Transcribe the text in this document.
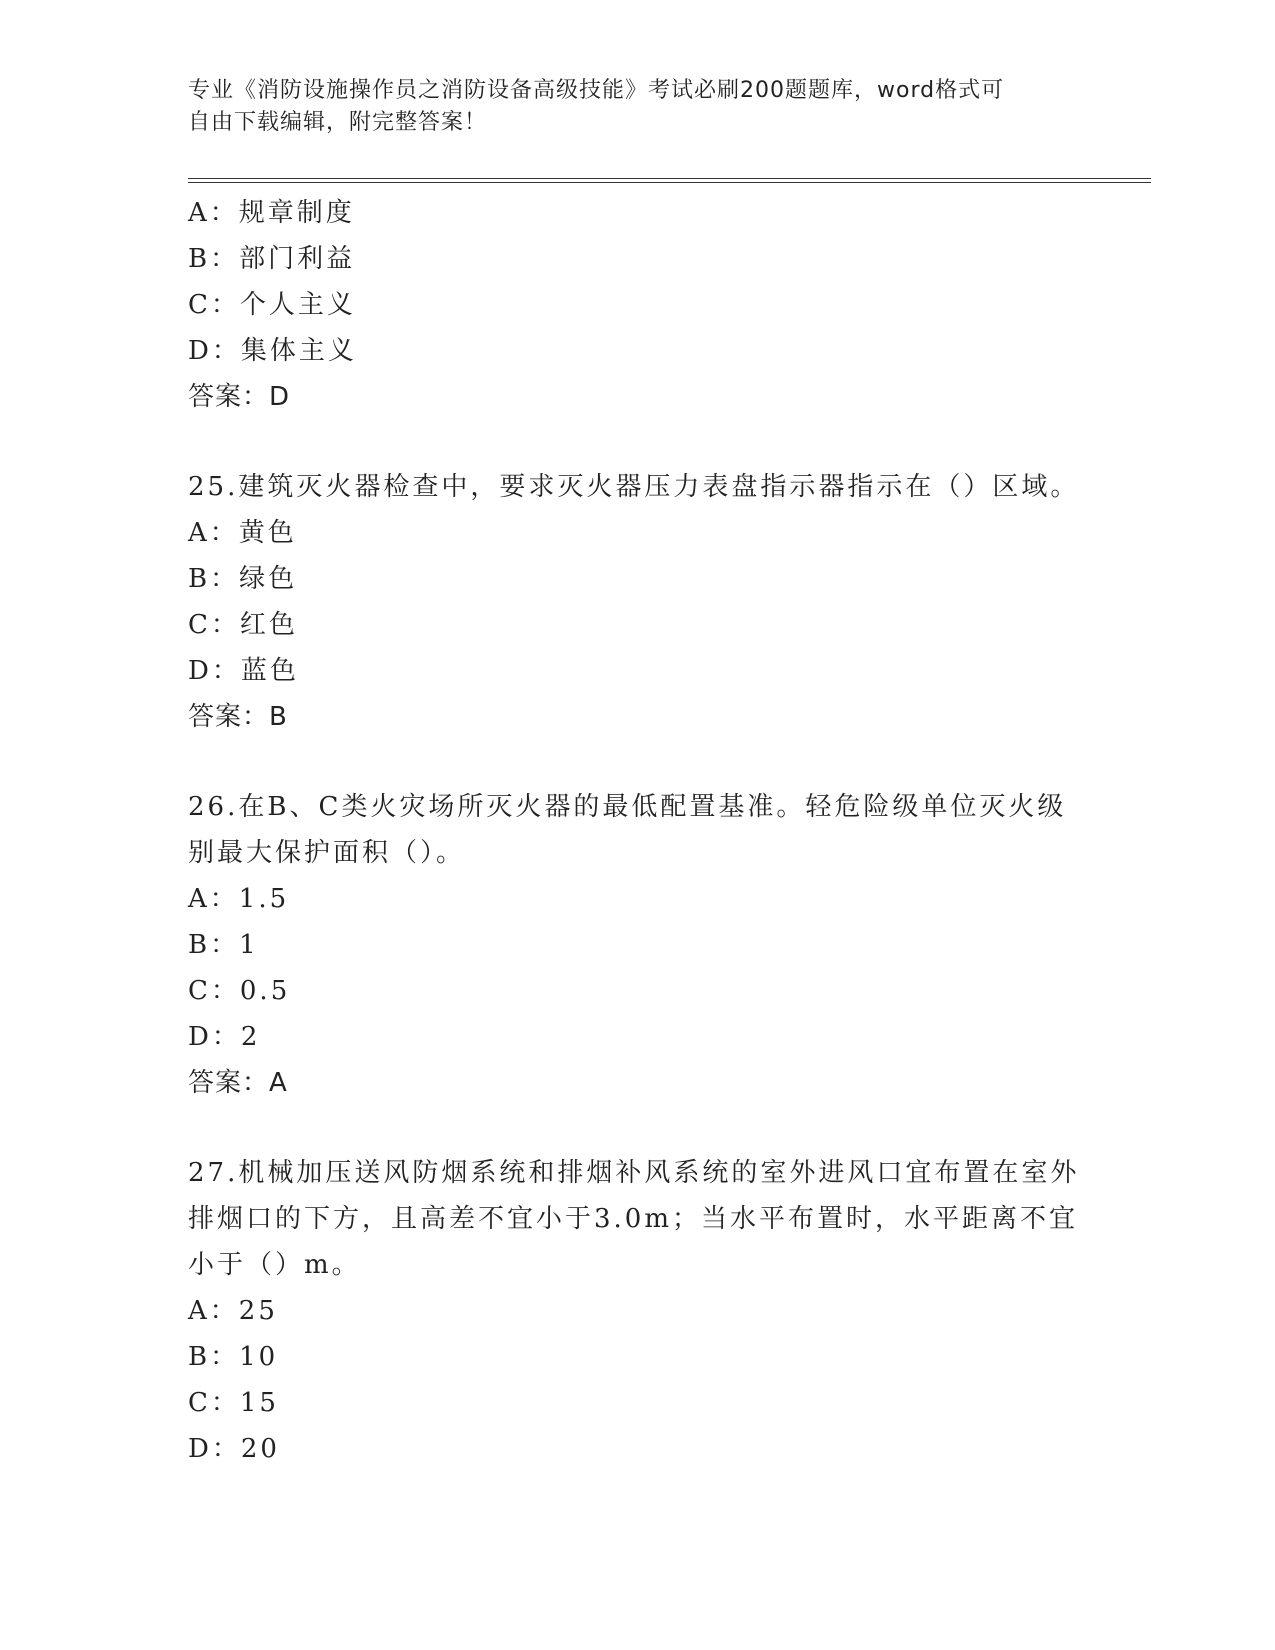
专业《消防设施操作员之消防设备高级技能》考试必刷200题题库，word格式可
自由下载编辑，附完整答案！
A：规章制度
B：部门利益
C：个人主义
D：集体主义
答案：D
25.建筑灭火器检查中，要求灭火器压力表盘指示器指示在（）区域。
A：黄色
B：绿色
C：红色
D：蓝色
答案：B
26.在B、C类火灾场所灭火器的最低配置基准。轻危险级单位灭火级
别最大保护面积（）。
A：1.5
B：1
C：0.5
D：2
答案：A
27.机械加压送风防烟系统和排烟补风系统的室外进风口宜布置在室外
排烟口的下方，且高差不宜小于3.0m；当水平布置时，水平距离不宜
小于（）m。
A：25
B：10
C：15
D：20
